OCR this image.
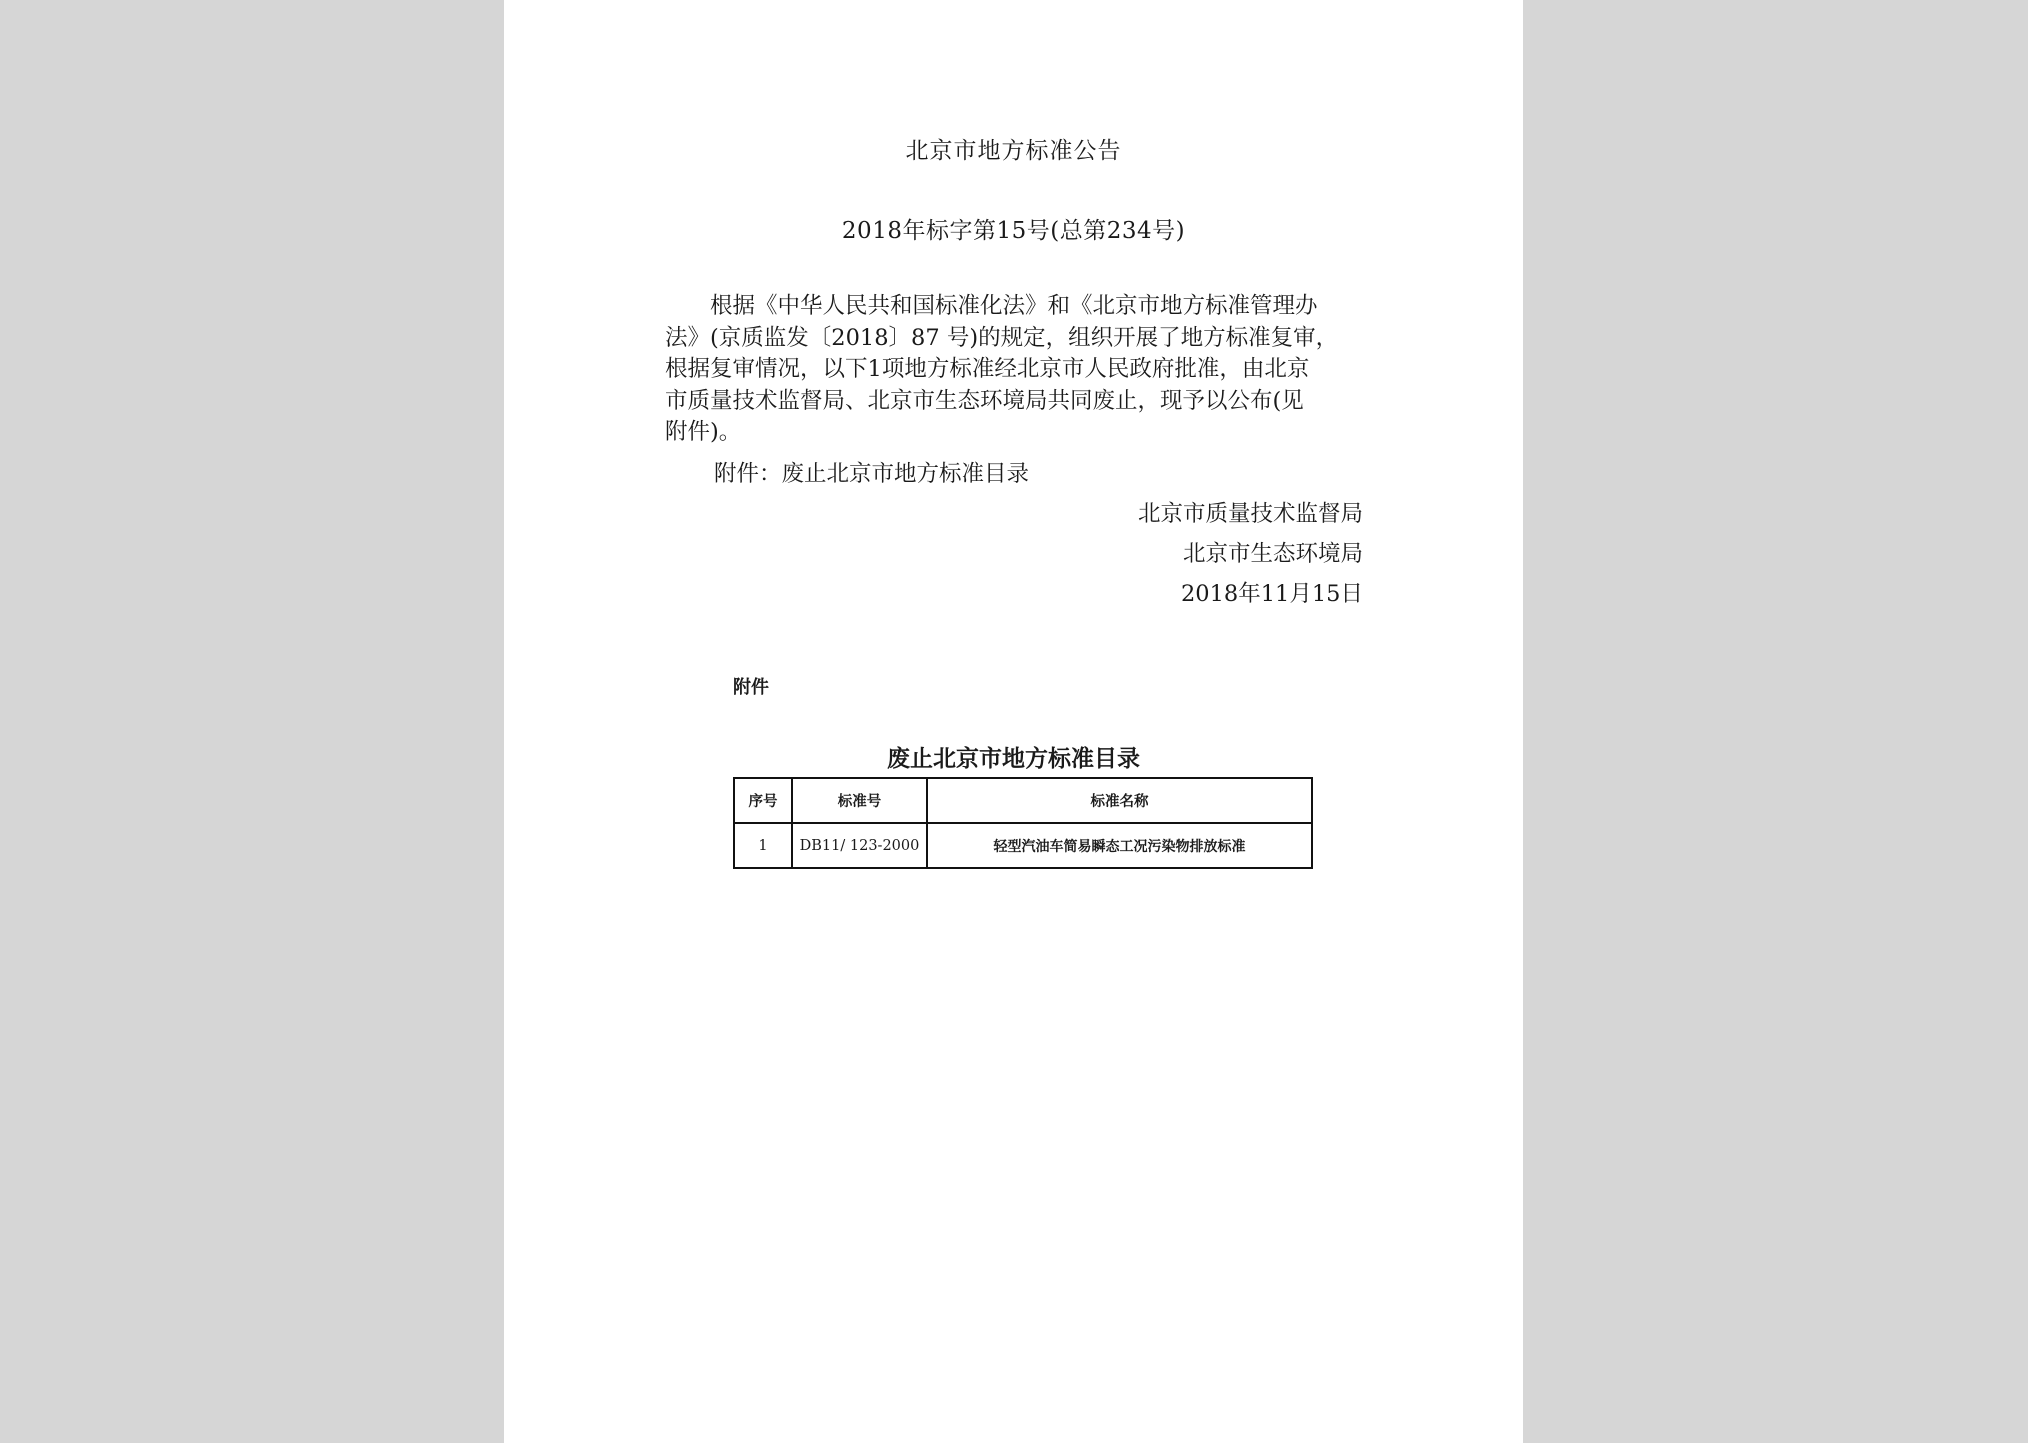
北京市地方标准公告
2018年标字第15号(总第234号)
　　根据《中华人民共和国标准化法》和《北京市地方标准管理办
法》(京质监发〔2018〕87 号)的规定，组织开展了地方标准复审，
根据复审情况，以下1项地方标准经北京市人民政府批准，由北京
市质量技术监督局、北京市生态环境局共同废止，现予以公布(见
附件)。
附件：废止北京市地方标准目录
北京市质量技术监督局
北京市生态环境局
2018年11月15日
附件
废止北京市地方标准目录
序号	标准号	标准名称
1	DB11/ 123-2000	轻型汽油车简易瞬态工况污染物排放标准
